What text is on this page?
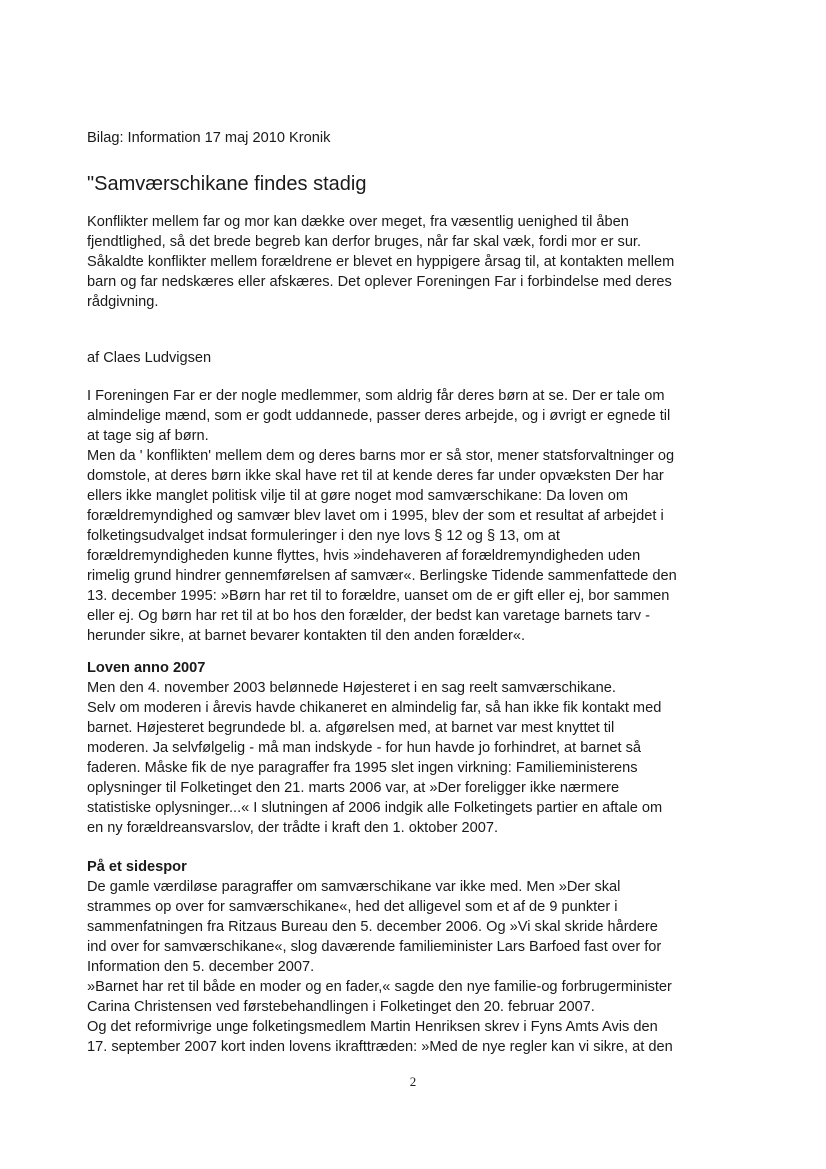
Bilag: Information 17 maj 2010 Kronik
"Samværschikane findes stadig
Konflikter mellem far og mor kan dække over meget, fra væsentlig uenighed til åben
fjendtlighed, så det brede begreb kan derfor bruges, når far skal væk, fordi mor er sur.
Såkaldte konflikter mellem forældrene er blevet en hyppigere årsag til, at kontakten mellem
barn og far nedskæres eller afskæres. Det oplever Foreningen Far i forbindelse med deres
rådgivning.
af Claes Ludvigsen
I Foreningen Far er der nogle medlemmer, som aldrig får deres børn at se. Der er tale om
almindelige mænd, som er godt uddannede, passer deres arbejde, og i øvrigt er egnede til
at tage sig af børn.
Men da ' konflikten' mellem dem og deres barns mor er så stor, mener statsforvaltninger og
domstole, at deres børn ikke skal have ret til at kende deres far under opvæksten Der har
ellers ikke manglet politisk vilje til at gøre noget mod samværschikane: Da loven om
forældremyndighed og samvær blev lavet om i 1995, blev der som et resultat af arbejdet i
folketingsudvalget indsat formuleringer i den nye lovs § 12 og § 13, om at
forældremyndigheden kunne flyttes, hvis »indehaveren af forældremyndigheden uden
rimelig grund hindrer gennemførelsen af samvær«. Berlingske Tidende sammenfattede den
13. december 1995: »Børn har ret til to forældre, uanset om de er gift eller ej, bor sammen
eller ej. Og børn har ret til at bo hos den forælder, der bedst kan varetage barnets tarv -
herunder sikre, at barnet bevarer kontakten til den anden forælder«.
Loven anno 2007
Men den 4. november 2003 belønnede Højesteret i en sag reelt samværschikane.
Selv om moderen i årevis havde chikaneret en almindelig far, så han ikke fik kontakt med
barnet. Højesteret begrundede bl. a. afgørelsen med, at barnet var mest knyttet til
moderen. Ja selvfølgelig - må man indskyde - for hun havde jo forhindret, at barnet så
faderen. Måske fik de nye paragraffer fra 1995 slet ingen virkning: Familieministerens
oplysninger til Folketinget den 21. marts 2006 var, at »Der foreligger ikke nærmere
statistiske oplysninger...« I slutningen af 2006 indgik alle Folketingets partier en aftale om
en ny forældreansvarslov, der trådte i kraft den 1. oktober 2007.
På et sidespor
De gamle værdiløse paragraffer om samværschikane var ikke med. Men »Der skal
strammes op over for samværschikane«, hed det alligevel som et af de 9 punkter i
sammenfatningen fra Ritzaus Bureau den 5. december 2006. Og »Vi skal skride hårdere
ind over for samværschikane«, slog daværende familieminister Lars Barfoed fast over for
Information den 5. december 2007.
»Barnet har ret til både en moder og en fader,« sagde den nye familie-og forbrugerminister
Carina Christensen ved førstebehandlingen i Folketinget den 20. februar 2007.
Og det reformivrige unge folketingsmedlem Martin Henriksen skrev i Fyns Amts Avis den
17. september 2007 kort inden lovens ikrafttræden: »Med de nye regler kan vi sikre, at den
2
